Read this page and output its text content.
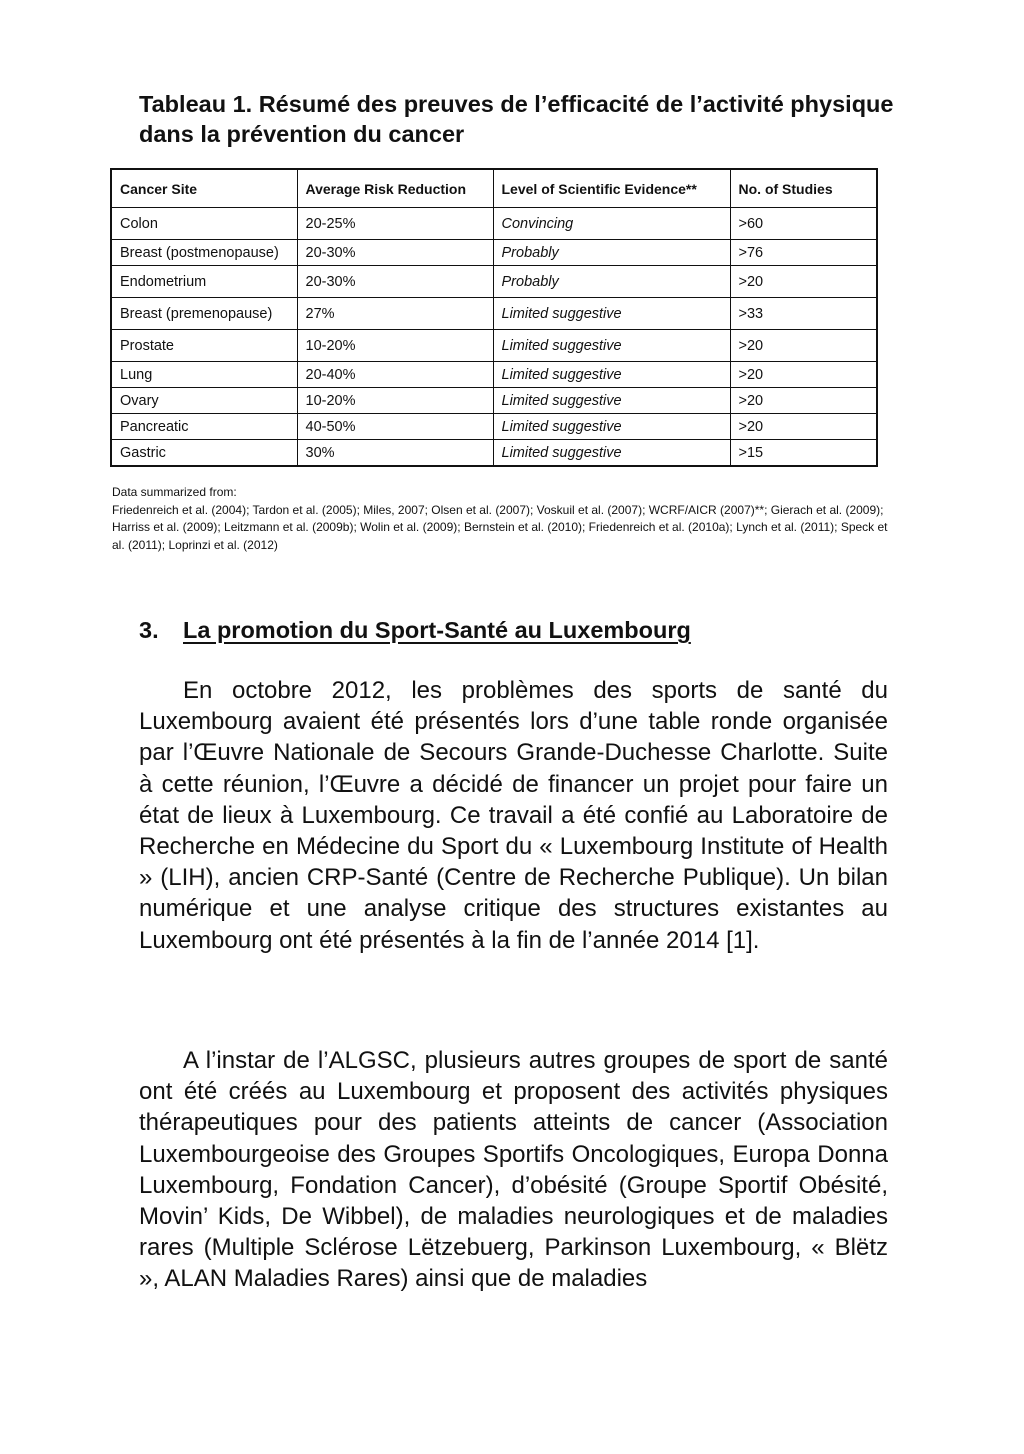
Tableau 1. Résumé des preuves de l’efficacité de l’activité physique dans la prévention du cancer
Cancer Site	Average Risk Reduction	Level of Scientific Evidence**	No. of Studies
Colon	20-25%	Convincing	>60
Breast (postmenopause)	20-30%	Probably	>76
Endometrium	20-30%	Probably	>20
Breast (premenopause)	27%	Limited suggestive	>33
Prostate	10-20%	Limited suggestive	>20
Lung	20-40%	Limited suggestive	>20
Ovary	10-20%	Limited suggestive	>20
Pancreatic	40-50%	Limited suggestive	>20
Gastric	30%	Limited suggestive	>15

Data summarized from:

Friedenreich et al. (2004); Tardon et al. (2005); Miles, 2007; Olsen et al. (2007); Voskuil et al. (2007); WCRF/AICR (2007)**; Gierach et al. (2009); Harriss et al. (2009); Leitzmann et al. (2009b); Wolin et al. (2009); Bernstein et al. (2010); Friedenreich et al. (2010a); Lynch et al. (2011); Speck et al. (2011); Loprinzi et al. (2012)

3. La promotion du Sport-Santé au Luxembourg

En octobre 2012, les problèmes des sports de santé du Luxembourg avaient été présentés lors d’une table ronde organisée par l’Œuvre Nationale de Secours Grande-Duchesse Charlotte. Suite à cette réunion, l’Œuvre a décidé de financer un projet pour faire un état de lieux à Luxembourg. Ce travail a été confié au Laboratoire de Recherche en Médecine du Sport du « Luxembourg Institute of Health » (LIH), ancien CRP-Santé (Centre de Recherche Publique). Un bilan numérique et une analyse critique des structures existantes au Luxembourg ont été présentés à la fin de l’année 2014 [1].

A l’instar de l’ALGSC, plusieurs autres groupes de sport de santé ont été créés au Luxembourg et proposent des activités physiques thérapeutiques pour des patients atteints de cancer (Association Luxembourgeoise des Groupes Sportifs Oncologiques, Europa Donna Luxembourg, Fondation Cancer), d’obésité (Groupe Sportif Obésité, Movin’ Kids, De Wibbel), de maladies neurologiques et de maladies rares (Multiple Sclérose Lëtzebuerg, Parkinson Luxembourg, « Blëtz », ALAN Maladies Rares) ainsi que de maladies
